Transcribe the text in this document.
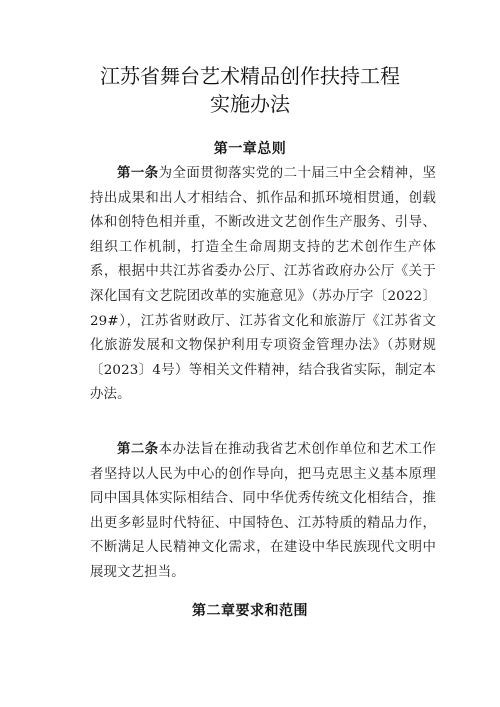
江苏省舞台艺术精品创作扶持工程
实施办法
第一章总则
第一条为全面贯彻落实党的二十届三中全会精神，坚持出成果和出人才相结合、抓作品和抓环境相贯通，创载体和创特色相并重，不断改进文艺创作生产服务、引导、组织工作机制，打造全生命周期支持的艺术创作生产体系，根据中共江苏省委办公厅、江苏省政府办公厅《关于深化国有文艺院团改革的实施意见》（苏办厅字〔2022〕29#），江苏省财政厅、江苏省文化和旅游厅《江苏省文化旅游发展和文物保护利用专项资金管理办法》（苏财规〔2023〕4号）等相关文件精神，结合我省实际，制定本办法。
第二条本办法旨在推动我省艺术创作单位和艺术工作者坚持以人民为中心的创作导向，把马克思主义基本原理同中国具体实际相结合、同中华优秀传统文化相结合，推出更多彰显时代特征、中国特色、江苏特质的精品力作，不断满足人民精神文化需求，在建设中华民族现代文明中展现文艺担当。
第二章要求和范围
